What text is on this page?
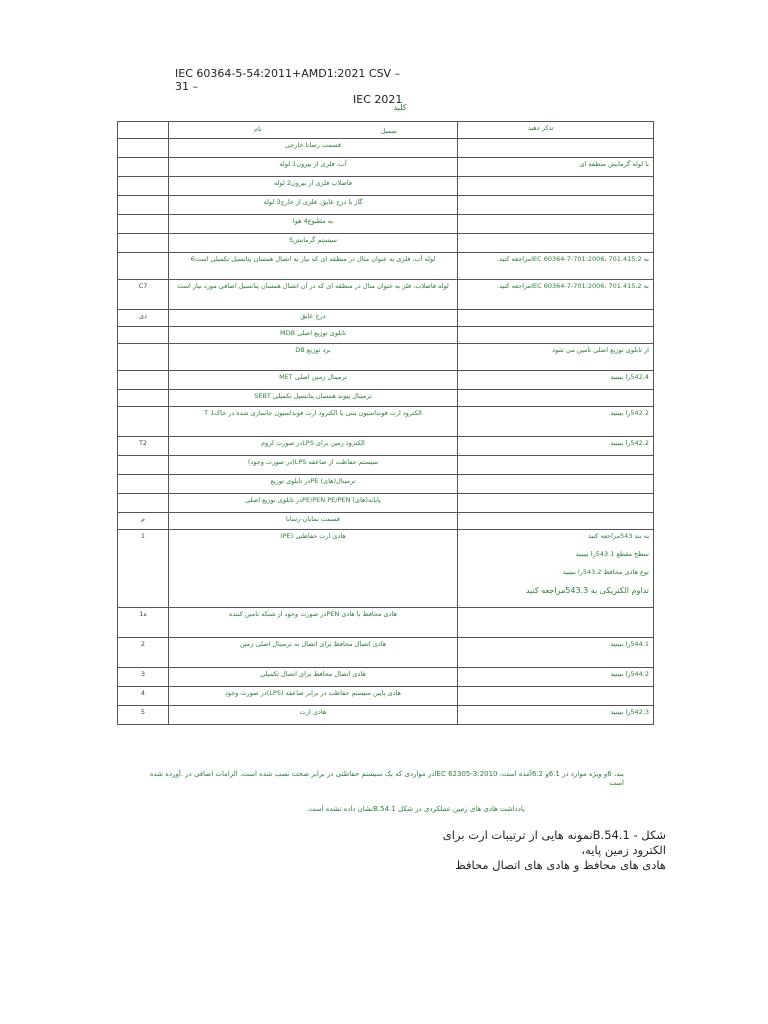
IEC 60364-5-54:2011+AMD1:2021 CSV – 31 –
IEC 2021
کلید

	نام سمبل	تذکر دهید
	قسمت رسانا خارجی	
	آب، فلزی از بیرون1 لوله	با لوله گرمایش منطقه ای
	فاضلاب فلزی از بیرون2 لوله	
	گاز با درج عایق، فلزی از خارج3 لوله	
	به مطبوع4 هوا	
	سیستم گرمایش5	
	لوله آب، فلزی به عنوان مثال در منطقه ای که نیاز به اتصال همسان پتانسیل تکمیلی است6	به IEC 60364-7-701:2006، 701.415.2مراجعه کنید.
C7	لوله فاضلاب، فلز به عنوان مثال در منطقه ای که در آن اتصال همسان پتانسیل اضافی مورد نیاز است	به IEC 60364-7-701:2006، 701.415.2مراجعه کنید.
دی	درج عایق	
	تابلوی توزیع اصلی MDB	
	برد توزیع DB	از تابلوی توزیع اصلی تامین می شود
	ترمینال زمین اصلی MET	542.4را ببینید
	ترمینال پیوند همسان پتانسیل تکمیلی SEBT	
	الکترود ارت فونداسیون بتنی یا الکترود ارت فونداسیون جاسازی شده در خاک1 T	542.2را ببینید
T2	الکترود زمین برای LPSدر صورت لزوم	542.2را ببینید
	سیستم حفاظت از صاعقه LPS(در صورت وجود)	
	ترمینال(های) PEدر تابلوی توزیع	
	پایانه(های) PE/PEN PE/PENدر تابلوی توزیع اصلی	
م	قسمت نمایان-رسانا	
1	هادی ارت حفاظتی (PE)	به بند 543مراجعه کنید
سطح مقطع 543.1را ببینید
نوع هادی محافظ 543.2را ببینید
تداوم الکتریکی به 543.3مراجعه کنید

1ه	هادی محافظ با هادی PENدر صورت وجود از شبکه تامین کننده	
2	هادی اتصال محافظ برای اتصال به ترمینال اصلی زمین	544.1را ببینید
3	هادی اتصال محافظ برای اتصال تکمیلی	544.2را ببینید
4	هادی پایین سیستم حفاظت در برابر صاعقه (LPS)در صورت وجود	
5	هادی ارت	542.3را ببینید
بند، 6و ویژه موارد در 6.1و 6.2آمده است، IEC 62305-3:2010در مواردی که یک سیستم حفاظتی در برابر صحت نصب شده است، الزامات اضافی در .آورده شده است
یادداشت هادی های زمین عملکردی در شکل B.54.1نشان داده نشده است.
شکل - B.54.1نمونه هایی از ترتیبات ارت برای الکترود زمین پایه،
هادی های محافظ و هادی های اتصال محافظ
